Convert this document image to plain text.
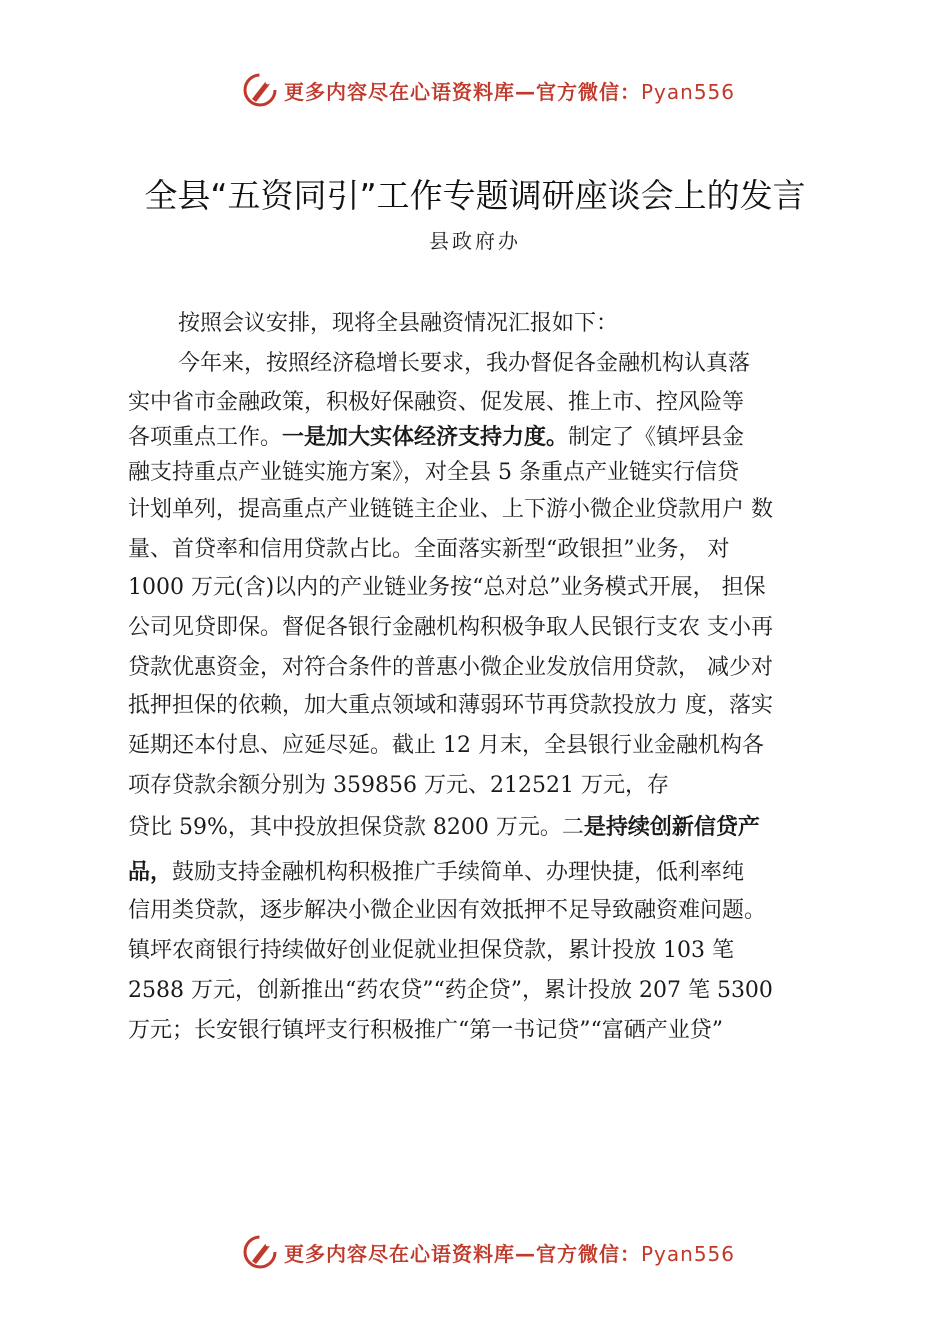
更多内容尽在心语资料库—官方微信：Pyan556
全县“五资同引”工作专题调研座谈会上的发言
县政府办
按照会议安排，现将全县融资情况汇报如下：
今年来，按照经济稳增长要求，我办督促各金融机构认真落
实中省市金融政策，积极好保融资、促发展、推上市、控风险等
各项重点工作。一是加大实体经济支持力度。制定了《镇坪县金
融支持重点产业链实施方案》，对全县 5 条重点产业链实行信贷
计划单列，提高重点产业链链主企业、上下游小微企业贷款用户 数
量、首贷率和信用贷款占比。全面落实新型“政银担”业务， 对
1000 万元(含)以内的产业链业务按“总对总”业务模式开展， 担保
公司见贷即保。督促各银行金融机构积极争取人民银行支农 支小再
贷款优惠资金，对符合条件的普惠小微企业发放信用贷款， 减少对
抵押担保的依赖，加大重点领域和薄弱环节再贷款投放力 度，落实
延期还本付息、应延尽延。截止 12 月末，全县银行业金融机构各
项存贷款余额分别为 359856 万元、212521 万元，存
贷比 59%，其中投放担保贷款 8200 万元。二是持续创新信贷产
品，鼓励支持金融机构积极推广手续简单、办理快捷，低利率纯
信用类贷款，逐步解决小微企业因有效抵押不足导致融资难问题。
镇坪农商银行持续做好创业促就业担保贷款，累计投放 103 笔
2588 万元，创新推出“药农贷”“药企贷”，累计投放 207 笔 5300
万元；长安银行镇坪支行积极推广“第一书记贷”“富硒产业贷”
更多内容尽在心语资料库—官方微信：Pyan556
